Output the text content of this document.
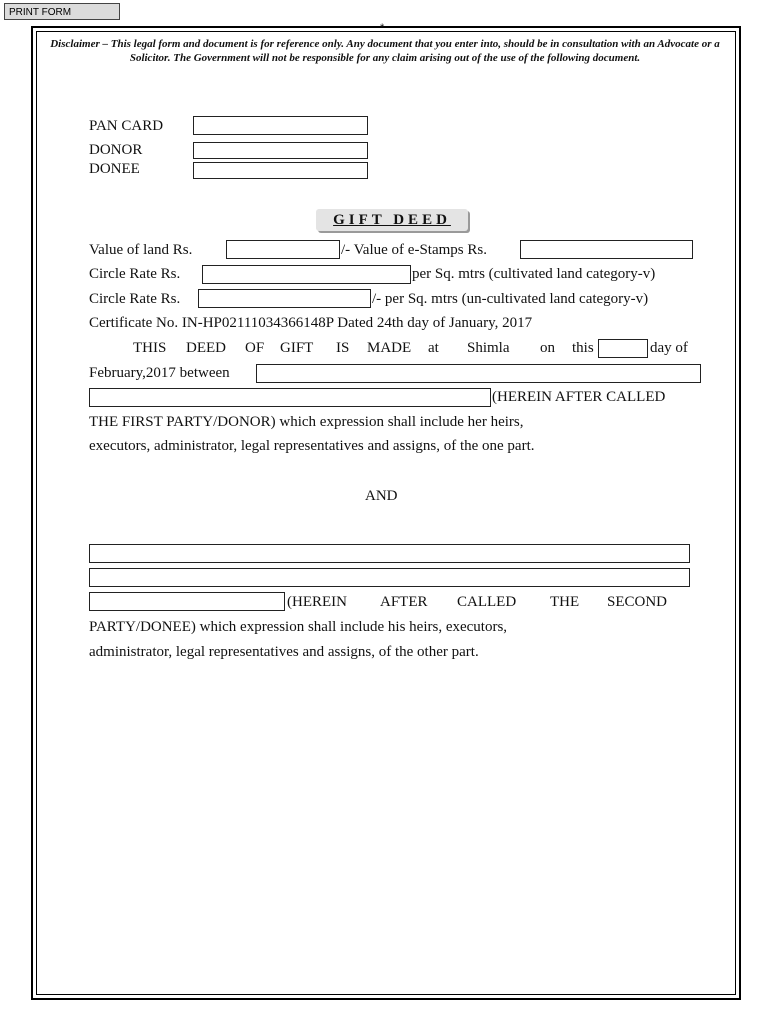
PRINT FORM
*
Disclaimer – This legal form and document is for reference only. Any document that you enter into, should be in consultation with an Advocate or a Solicitor. The Government will not be responsible for any claim arising out of the use of the following document.
PAN CARD
DONOR
DONEE
GIFT DEED
Value of land Rs.	/- Value of e-Stamps Rs.
Circle Rate Rs.	per Sq. mtrs (cultivated land category-v)
Circle Rate Rs.	/- per Sq. mtrs (un-cultivated land category-v)
Certificate No. IN-HP02111034366148P Dated 24th day of January, 2017
THIS DEED OF GIFT IS MADE at Shimla on this	day of
February,2017 between
(HEREIN AFTER CALLED
THE FIRST PARTY/DONOR) which expression shall include her heirs,
executors, administrator, legal representatives and assigns, of the one part.
AND
(HEREIN AFTER CALLED THE SECOND
PARTY/DONEE) which expression shall include his heirs, executors,
administrator, legal representatives and assigns, of the other part.
